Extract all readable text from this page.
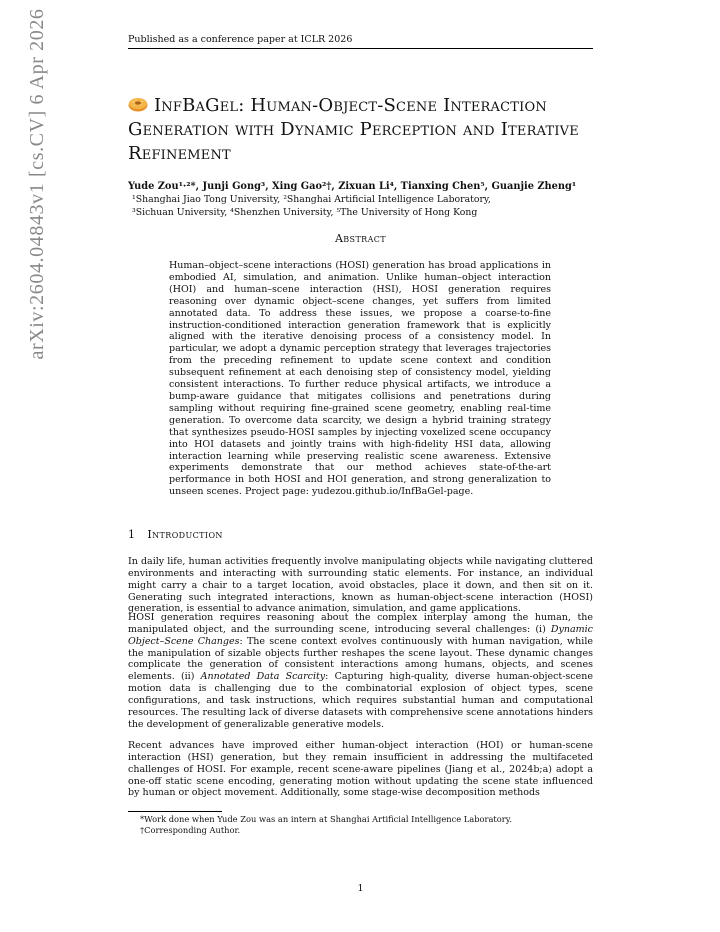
Published as a conference paper at ICLR 2026
arXiv:2604.04843v1 [cs.CV] 6 Apr 2026	InfBaGel: Human-Object-Scene Interaction Generation with Dynamic Perception and Iterative Refinement
Yude Zou¹·²*, Junji Gong³, Xing Gao²†, Zixuan Li⁴, Tianxing Chen⁵, Guanjie Zheng¹
¹Shanghai Jiao Tong University, ²Shanghai Artificial Intelligence Laboratory,
³Sichuan University, ⁴Shenzhen University, ⁵The University of Hong Kong
Abstract
Human–object–scene interactions (HOSI) generation has broad applications in embodied AI, simulation, and animation. Unlike human–object interaction (HOI) and human–scene interaction (HSI), HOSI generation requires reasoning over dynamic object–scene changes, yet suffers from limited annotated data. To address these issues, we propose a coarse-to-fine instruction-conditioned interaction generation framework that is explicitly aligned with the iterative denoising process of a consistency model. In particular, we adopt a dynamic perception strategy that leverages trajectories from the preceding refinement to update scene context and condition subsequent refinement at each denoising step of consistency model, yielding consistent interactions. To further reduce physical artifacts, we introduce a bump-aware guidance that mitigates collisions and penetrations during sampling without requiring fine-grained scene geometry, enabling real-time generation. To overcome data scarcity, we design a hybrid training strategy that synthesizes pseudo-HOSI samples by injecting voxelized scene occupancy into HOI datasets and jointly trains with high-fidelity HSI data, allowing interaction learning while preserving realistic scene awareness. Extensive experiments demonstrate that our method achieves state-of-the-art performance in both HOSI and HOI generation, and strong generalization to unseen scenes. Project page: yudezou.github.io/InfBaGel-page.
1 Introduction

In daily life, human activities frequently involve manipulating objects while navigating cluttered environments and interacting with surrounding static elements. For instance, an individual might carry a chair to a target location, avoid obstacles, place it down, and then sit on it. Generating such integrated interactions, known as human-object-scene interaction (HOSI) generation, is essential to advance animation, simulation, and game applications.

HOSI generation requires reasoning about the complex interplay among the human, the manipulated object, and the surrounding scene, introducing several challenges: (i) Dynamic Object–Scene Changes: The scene context evolves continuously with human navigation, while the manipulation of sizable objects further reshapes the scene layout. These dynamic changes complicate the generation of consistent interactions among humans, objects, and scenes elements. (ii) Annotated Data Scarcity: Capturing high-quality, diverse human-object-scene motion data is challenging due to the combinatorial explosion of object types, scene configurations, and task instructions, which requires substantial human and computational resources. The resulting lack of diverse datasets with comprehensive scene annotations hinders the development of generalizable generative models.

Recent advances have improved either human-object interaction (HOI) or human-scene interaction (HSI) generation, but they remain insufficient in addressing the multifaceted challenges of HOSI. For example, recent scene-aware pipelines (Jiang et al., 2024b;a) adopt a one-off static scene encoding, generating motion without updating the scene state influenced by human or object movement. Additionally, some stage-wise decomposition methods

*Work done when Yude Zou was an intern at Shanghai Artificial Intelligence Laboratory.
†Corresponding Author.
1
